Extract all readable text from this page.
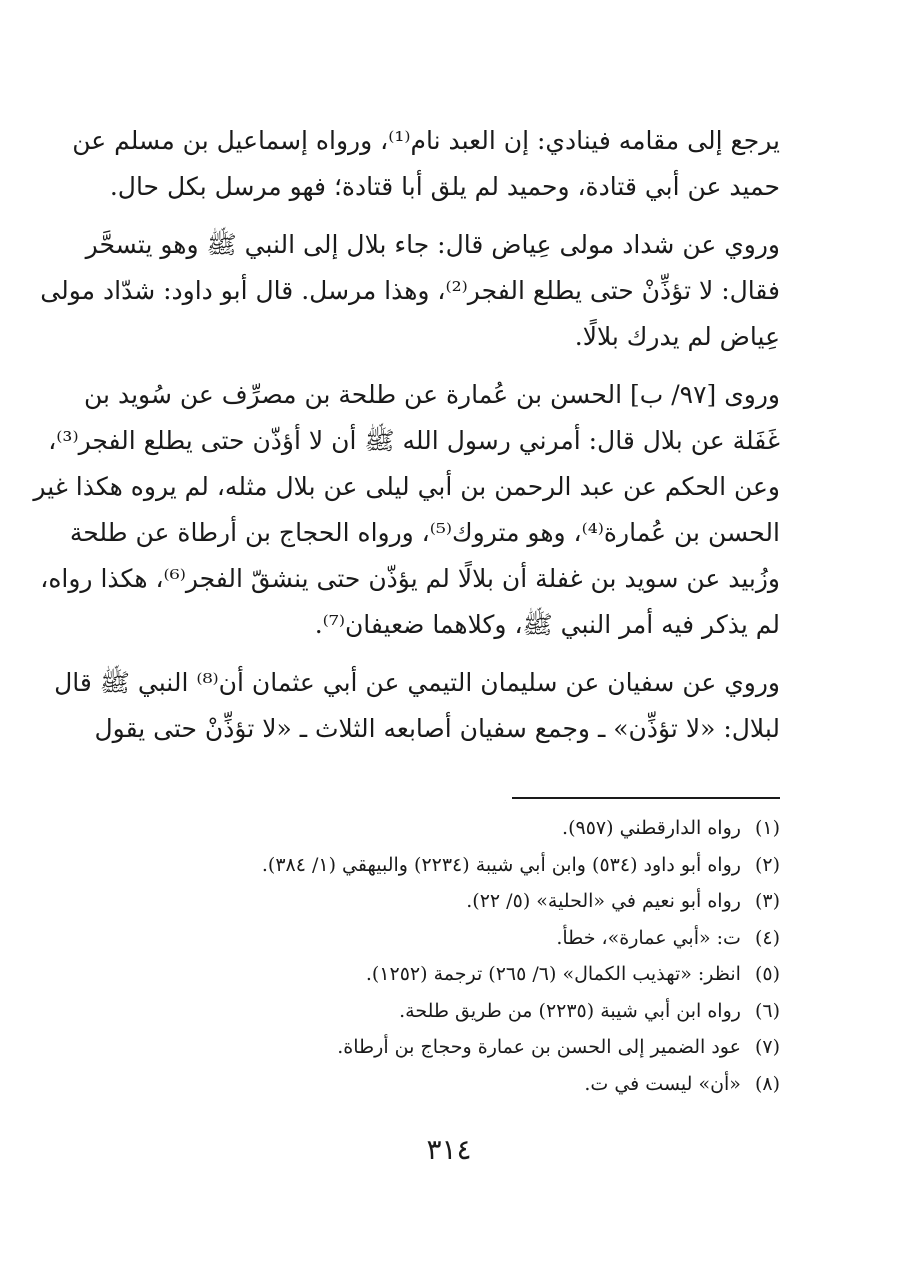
يرجع إلى مقامه فينادي: إن العبد نام⁽¹⁾، ورواه إسماعيل بن مسلم عن
حميد عن أبي قتادة، وحميد لم يلق أبا قتادة؛ فهو مرسل بكل حال.

وروي عن شداد مولى عِياض قال: جاء بلال إلى النبي ﷺ وهو يتسحَّر
فقال: لا تؤذِّنْ حتى يطلع الفجر⁽²⁾، وهذا مرسل. قال أبو داود: شدّاد مولى
عِياض لم يدرك بلالًا.

وروى [٩٧/ ب] الحسن بن عُمارة عن طلحة بن مصرِّف عن سُويد بن
غَفَلة عن بلال قال: أمرني رسول الله ﷺ أن لا أؤذّن حتى يطلع الفجر⁽³⁾،
وعن الحكم عن عبد الرحمن بن أبي ليلى عن بلال مثله، لم يروه هكذا غير
الحسن بن عُمارة⁽⁴⁾، وهو متروك⁽⁵⁾، ورواه الحجاج بن أرطاة عن طلحة
وزُبيد عن سويد بن غفلة أن بلالًا لم يؤذّن حتى ينشقّ الفجر⁽⁶⁾، هكذا رواه،
لم يذكر فيه أمر النبي ﷺ، وكلاهما ضعيفان⁽⁷⁾.

وروي عن سفيان عن سليمان التيمي عن أبي عثمان أن⁽⁸⁾ النبي ﷺ قال
لبلال: «لا تؤذِّن» ـ وجمع سفيان أصابعه الثلاث ـ «لا تؤذِّنْ حتى يقول

(١)رواه الدارقطني (٩٥٧).
(٢)رواه أبو داود (٥٣٤) وابن أبي شيبة (٢٢٣٤) والبيهقي (١/ ٣٨٤).
(٣)رواه أبو نعيم في «الحلية» (٥/ ٢٢).
(٤)ت: «أبي عمارة»، خطأ.
(٥)انظر: «تهذيب الكمال» (٦/ ٢٦٥) ترجمة (١٢٥٢).
(٦)رواه ابن أبي شيبة (٢٢٣٥) من طريق طلحة.
(٧)عود الضمير إلى الحسن بن عمارة وحجاج بن أرطاة.
(٨)«أن» ليست في ت.
٣١٤
